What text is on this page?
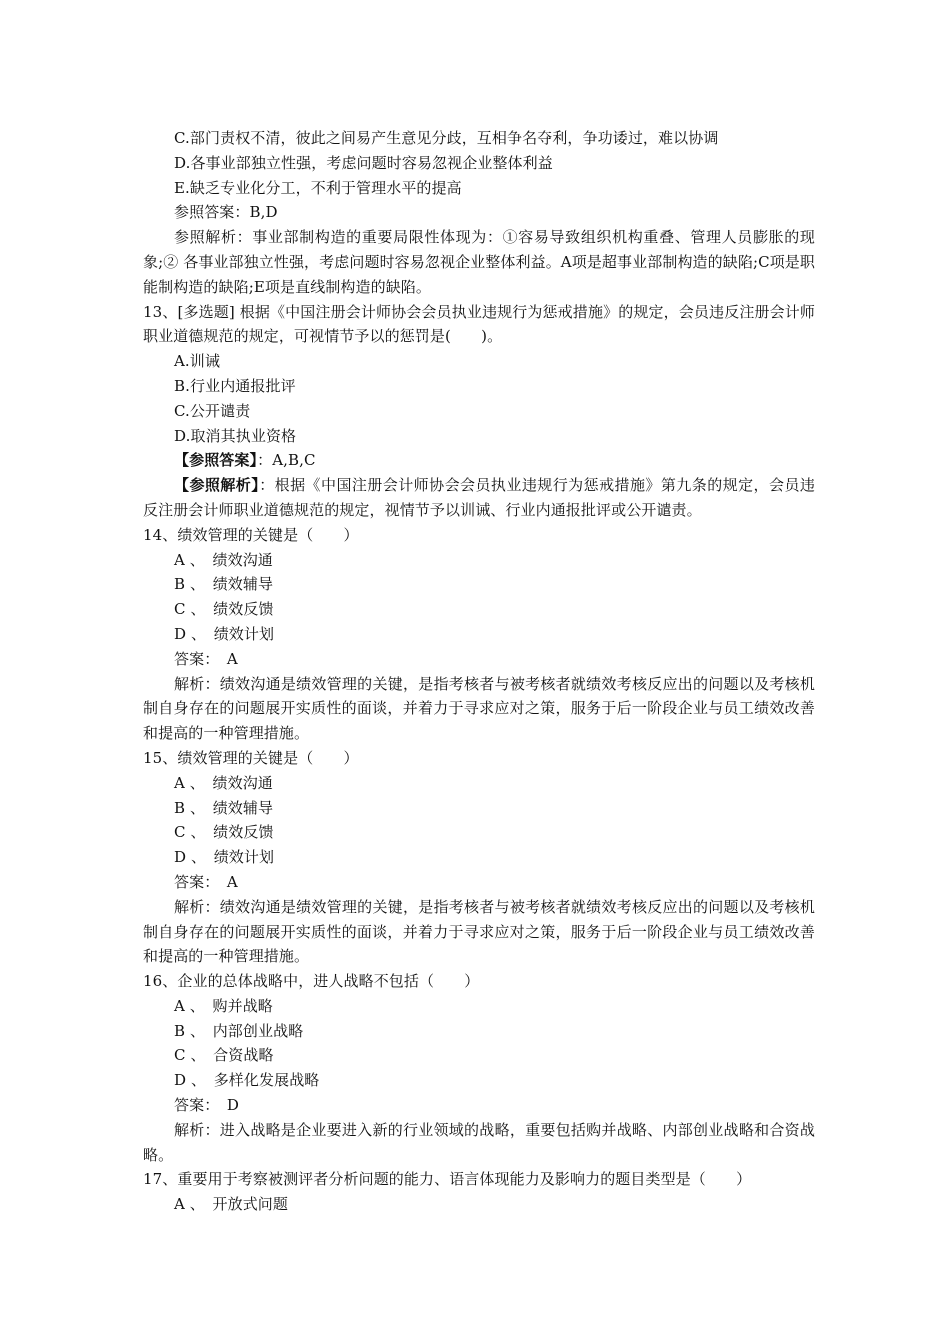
C.部门责权不清，彼此之间易产生意见分歧，互相争名夺利，争功诿过，难以协调
D.各事业部独立性强，考虑问题时容易忽视企业整体利益
E.缺乏专业化分工，不利于管理水平的提高
参照答案：B,D
参照解析：事业部制构造的重要局限性体现为：①容易导致组织机构重叠、管理人员膨胀的现象;② 各事业部独立性强，考虑问题时容易忽视企业整体利益。A项是超事业部制构造的缺陷;C项是职能制构造的缺陷;E项是直线制构造的缺陷。
13、[多选题] 根据《中国注册会计师协会会员执业违规行为惩戒措施》的规定，会员违反注册会计师职业道德规范的规定，可视情节予以的惩罚是(　　)。
A.训诫
B.行业内通报批评
C.公开谴责
D.取消其执业资格
【参照答案】：A,B,C
【参照解析】：根据《中国注册会计师协会会员执业违规行为惩戒措施》第九条的规定，会员违反注册会计师职业道德规范的规定，视情节予以训诫、行业内通报批评或公开谴责。
14、绩效管理的关键是（　　）
A 、　绩效沟通
B 、　绩效辅导
C 、　绩效反馈
D 、　绩效计划
答案：　A
解析：绩效沟通是绩效管理的关键，是指考核者与被考核者就绩效考核反应出的问题以及考核机制自身存在的问题展开实质性的面谈，并着力于寻求应对之策，服务于后一阶段企业与员工绩效改善和提高的一种管理措施。
15、绩效管理的关键是（　　）
A 、　绩效沟通
B 、　绩效辅导
C 、　绩效反馈
D 、　绩效计划
答案：　A
解析：绩效沟通是绩效管理的关键，是指考核者与被考核者就绩效考核反应出的问题以及考核机制自身存在的问题展开实质性的面谈，并着力于寻求应对之策，服务于后一阶段企业与员工绩效改善和提高的一种管理措施。
16、企业的总体战略中，进人战略不包括（　　）
A 、　购并战略
B 、　内部创业战略
C 、　合资战略
D 、　多样化发展战略
答案：　D
解析：进入战略是企业要进入新的行业领域的战略，重要包括购并战略、内部创业战略和合资战略。
17、重要用于考察被测评者分析问题的能力、语言体现能力及影响力的题目类型是（　　）
A 、　开放式问题
